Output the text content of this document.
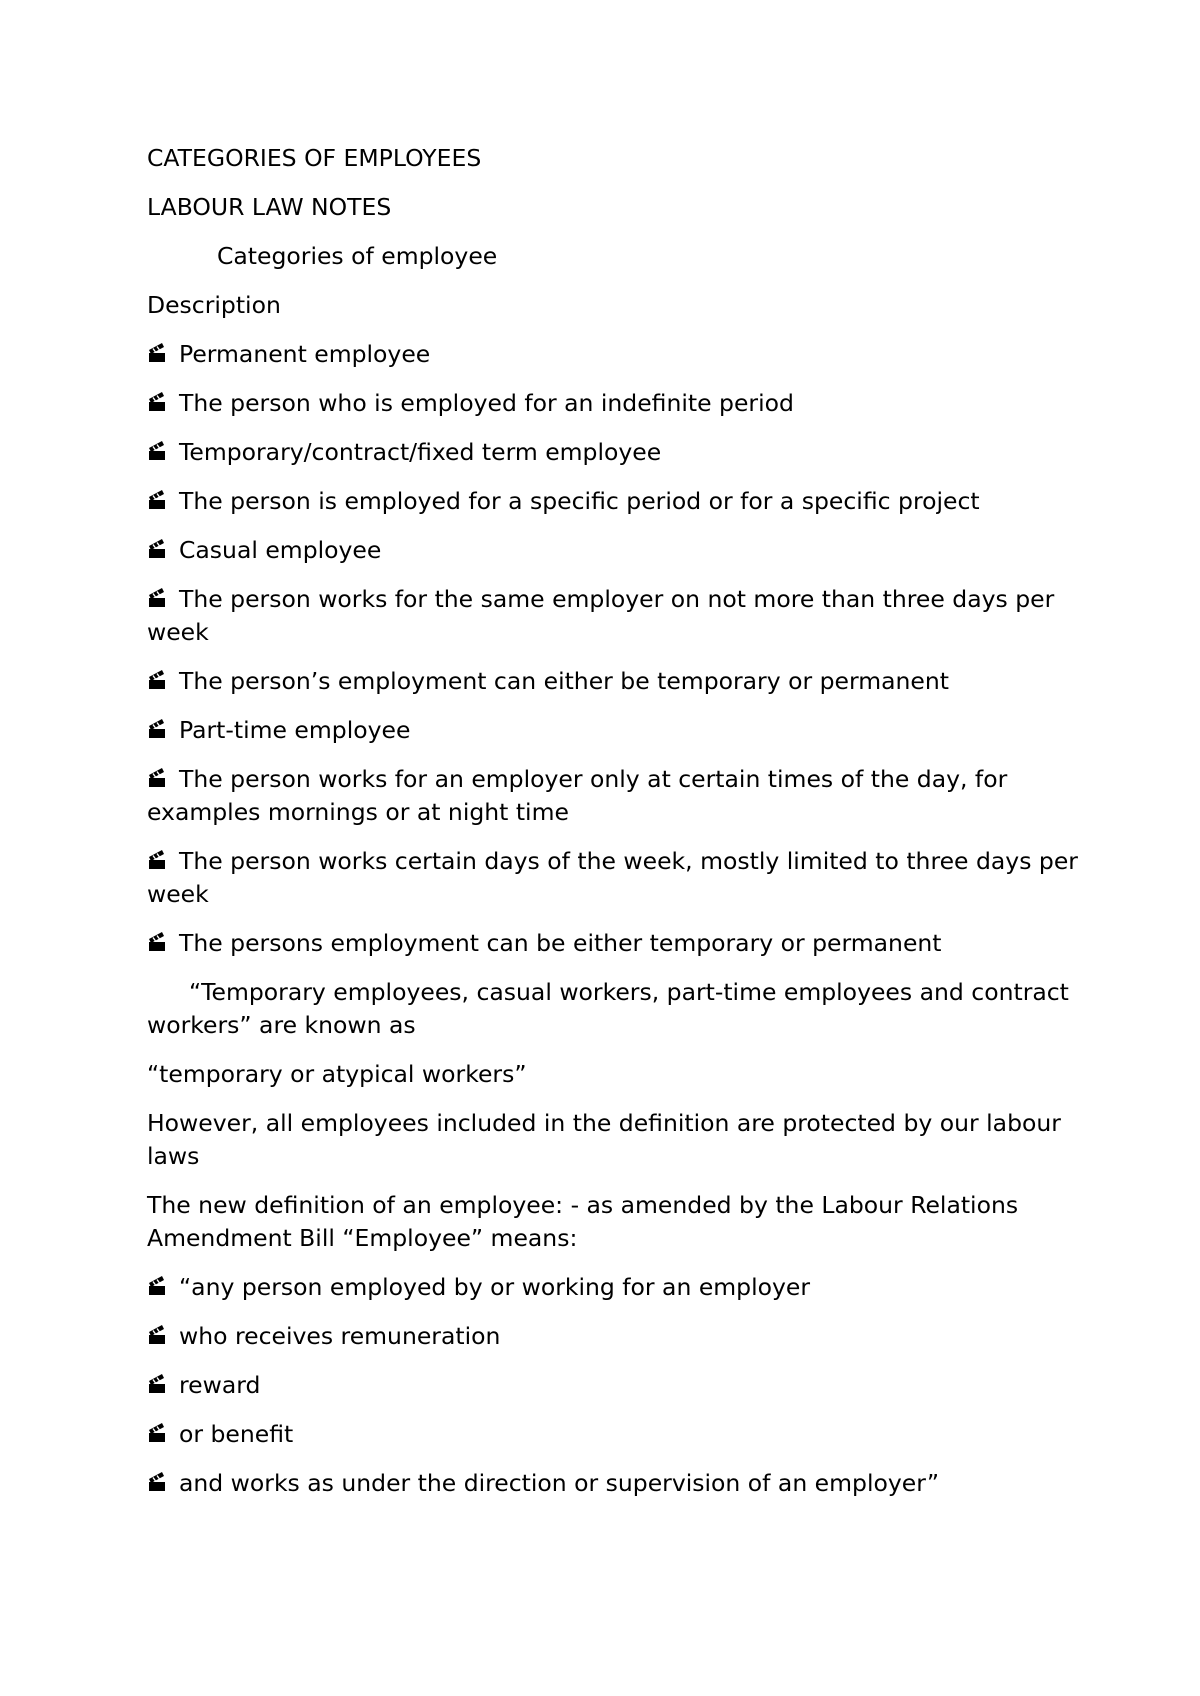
CATEGORIES OF EMPLOYEES

LABOUR LAW NOTES

Categories of employee

Description

Permanent employee

The person who is employed for an indefinite period

Temporary/contract/fixed term employee

The person is employed for a specific period or for a specific project

Casual employee

The person works for the same employer on not more than three days per week

The person’s employment can either be temporary or permanent

Part-time employee

The person works for an employer only at certain times of the day, for examples mornings or at night time

The person works certain days of the week, mostly limited to three days per week

The persons employment can be either temporary or permanent

“Temporary employees, casual workers, part-time employees and contract workers” are known as

“temporary or atypical workers”

However, all employees included in the definition are protected by our labour laws

The new definition of an employee: - as amended by the Labour Relations Amendment Bill “Employee” means:

“any person employed by or working for an employer

who receives remuneration

reward

or benefit

and works as under the direction or supervision of an employer”
